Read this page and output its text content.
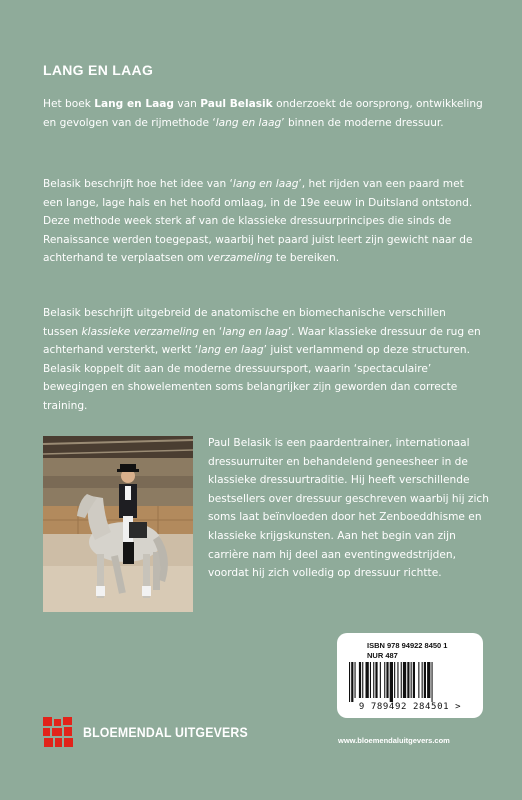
LANG EN LAAG

Het boek Lang en Laag van Paul Belasik onderzoekt de oorsprong, ontwikkeling en gevolgen van de rijmethode ‘lang en laag’ binnen de moderne dressuur.

Belasik beschrijft hoe het idee van ‘lang en laag’, het rijden van een paard met een lange, lage hals en het hoofd omlaag, in de 19e eeuw in Duitsland ontstond. Deze methode week sterk af van de klassieke dressuurprincipes die sinds de Renaissance werden toegepast, waarbij het paard juist leert zijn gewicht naar de achterhand te verplaatsen om verzameling te bereiken.

Belasik beschrijft uitgebreid de anatomische en biomechanische verschillen tussen klassieke verzameling en ‘lang en laag’. Waar klassieke dressuur de rug en achterhand versterkt, werkt ‘lang en laag’ juist verlammend op deze structuren. Belasik koppelt dit aan de moderne dressuursport, waarin ‘spectaculaire’ bewegingen en showelementen soms belangrijker zijn geworden dan correcte training.

Paul Belasik is een paardentrainer, internationaal dressuurruiter en behandelend geneesheer in de klassieke dressuurtraditie. Hij heeft verschillende bestsellers over dressuur geschreven waarbij hij zich soms laat beïnvloeden door het Zenboeddhisme en klassieke krijgskunsten. Aan het begin van zijn carrière nam hij deel aan eventingwedstrijden, voordat hij zich volledig op dressuur richtte.

ISBN 978 94922 8450 1
NUR 487
9 789492 284501 >
BLOEMENDAL UITGEVERS
www.bloemendaluitgevers.com
